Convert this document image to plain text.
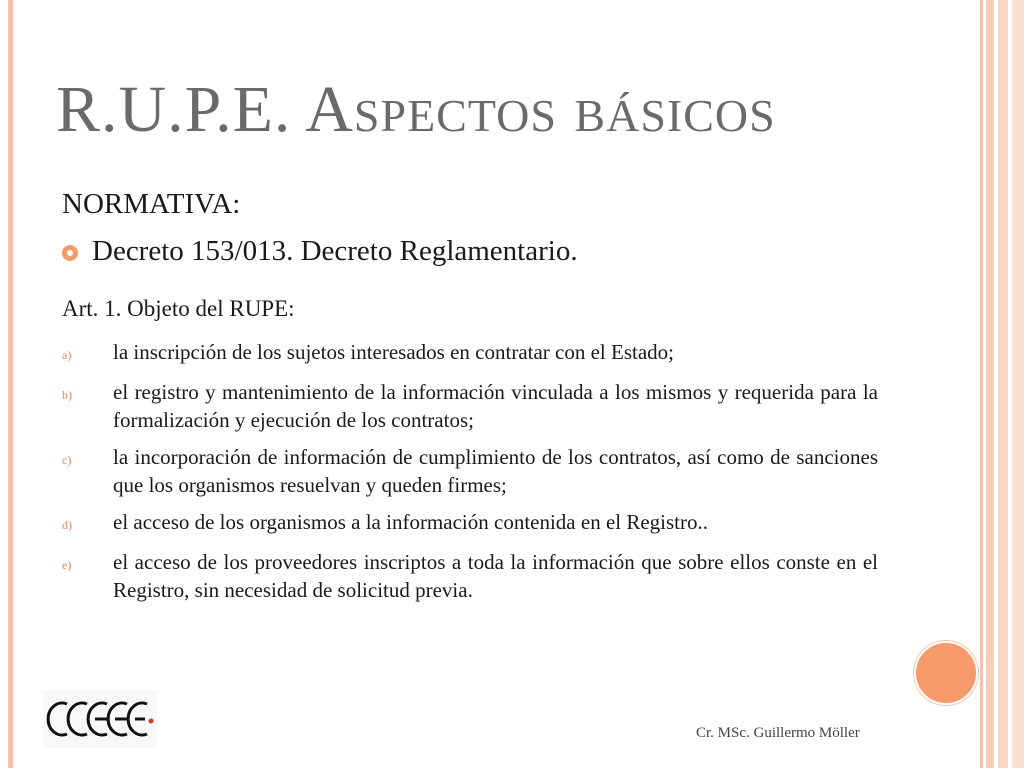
R.U.P.E. Aspectos básicos

NORMATIVA:

Decreto 153/013. Decreto Reglamentario.

Art. 1. Objeto del RUPE:

a)	la inscripción de los sujetos interesados en contratar con el Estado;
b)	el registro y mantenimiento de la información vinculada a los mismos y requerida para la formalización y ejecución de los contratos;
c)	la incorporación de información de cumplimiento de los contratos, así como de sanciones que los organismos resuelvan y queden firmes;
d)	el acceso de los organismos a la información contenida en el Registro..
e)	el acceso de los proveedores inscriptos a toda la información que sobre ellos conste en el Registro, sin necesidad de solicitud previa.
Cr. MSc. Guillermo Möller
